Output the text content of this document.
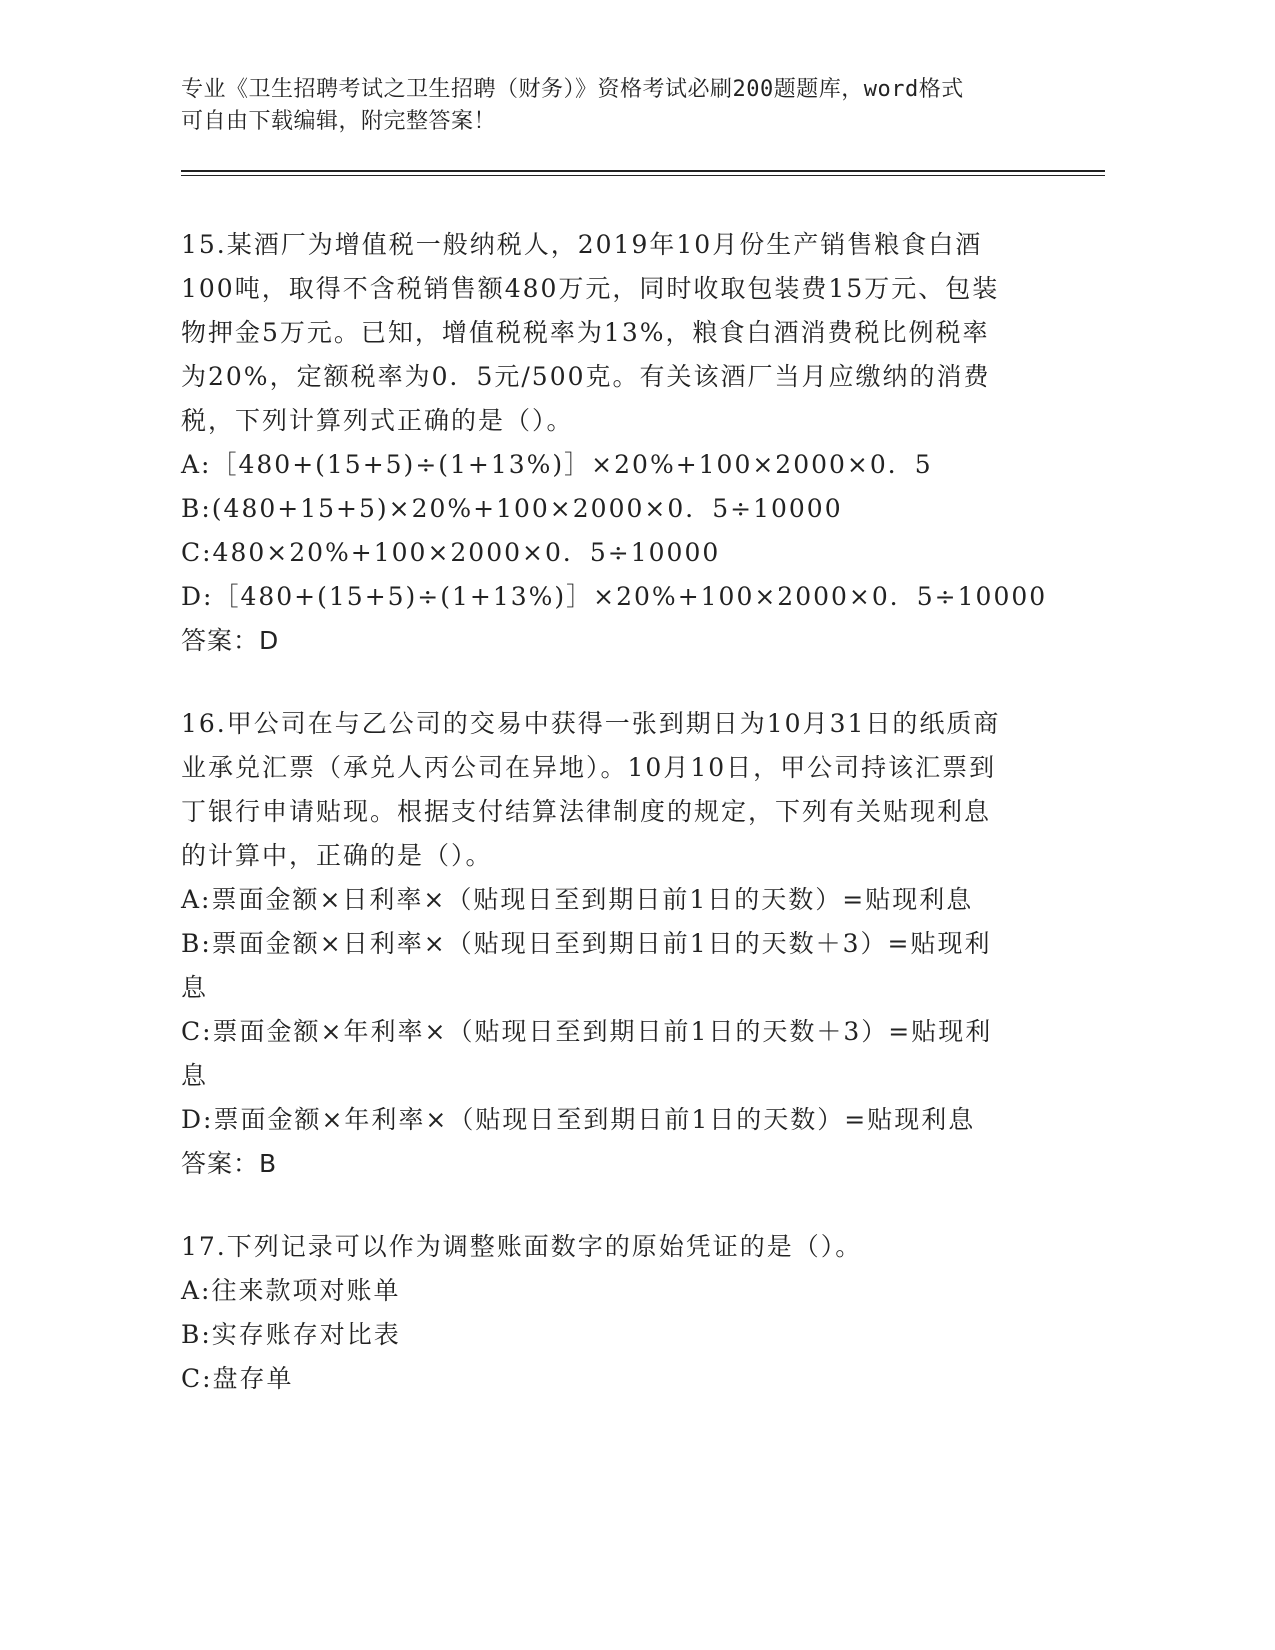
专业《卫生招聘考试之卫生招聘（财务）》资格考试必刷200题题库，word格式
可自由下载编辑，附完整答案！
15.某酒厂为增值税一般纳税人，2019年10月份生产销售粮食白酒
100吨，取得不含税销售额480万元，同时收取包装费15万元、包装
物押金5万元。已知，增值税税率为13%，粮食白酒消费税比例税率
为20%，定额税率为0．5元/500克。有关该酒厂当月应缴纳的消费
税，下列计算列式正确的是（）。
A:［480+(15+5)÷(1+13%)］×20%+100×2000×0．5
B:(480+15+5)×20%+100×2000×0．5÷10000
C:480×20%+100×2000×0．5÷10000
D:［480+(15+5)÷(1+13%)］×20%+100×2000×0．5÷10000
答案：D
16.甲公司在与乙公司的交易中获得一张到期日为10月31日的纸质商
业承兑汇票（承兑人丙公司在异地）。10月10日，甲公司持该汇票到
丁银行申请贴现。根据支付结算法律制度的规定，下列有关贴现利息
的计算中，正确的是（）。
A:票面金额×日利率×（贴现日至到期日前1日的天数）=贴现利息
B:票面金额×日利率×（贴现日至到期日前1日的天数＋3）=贴现利
息
C:票面金额×年利率×（贴现日至到期日前1日的天数＋3）=贴现利
息
D:票面金额×年利率×（贴现日至到期日前1日的天数）=贴现利息
答案：B
17.下列记录可以作为调整账面数字的原始凭证的是（）。
A:往来款项对账单
B:实存账存对比表
C:盘存单
